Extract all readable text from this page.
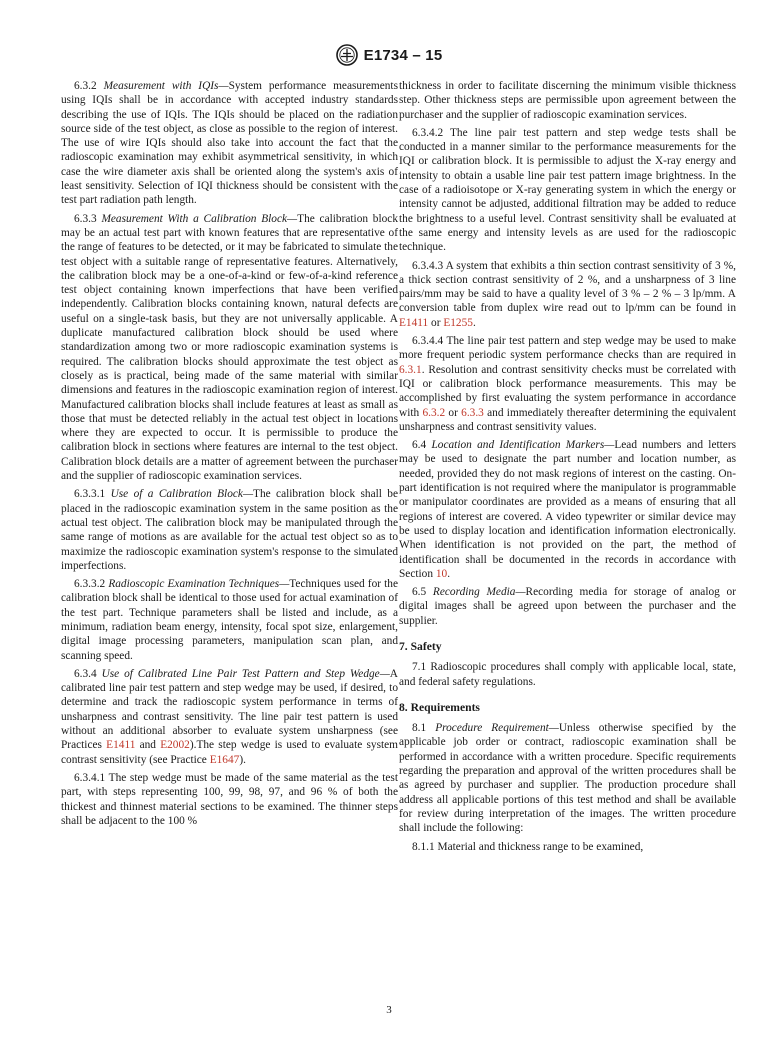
E1734 – 15

6.3.2 Measurement with IQIs—System performance measurements using IQIs shall be in accordance with accepted industry standards describing the use of IQIs. The IQIs should be placed on the radiation source side of the test object, as close as possible to the region of interest. The use of wire IQIs should also take into account the fact that the radioscopic examination may exhibit asymmetrical sensitivity, in which case the wire diameter axis shall be oriented along the system's axis of least sensitivity. Selection of IQI thickness should be consistent with the test part radiation path length.

6.3.3 Measurement With a Calibration Block—The calibration block may be an actual test part with known features that are representative of the range of features to be detected, or it may be fabricated to simulate the test object with a suitable range of representative features. Alternatively, the calibration block may be a one-of-a-kind or few-of-a-kind reference test object containing known imperfections that have been verified independently. Calibration blocks containing known, natural defects are useful on a single-task basis, but they are not universally applicable. A duplicate manufactured calibration block should be used where standardization among two or more radioscopic examination systems is required. The calibration blocks should approximate the test object as closely as is practical, being made of the same material with similar dimensions and features in the radioscopic examination region of interest. Manufactured calibration blocks shall include features at least as small as those that must be detected reliably in the actual test object in locations where they are expected to occur. It is permissible to produce the calibration block in sections where features are internal to the test object. Calibration block details are a matter of agreement between the purchaser and the supplier of radioscopic examination services.

6.3.3.1 Use of a Calibration Block—The calibration block shall be placed in the radioscopic examination system in the same position as the actual test object. The calibration block may be manipulated through the same range of motions as are available for the actual test object so as to maximize the radioscopic examination system's response to the simulated imperfections.

6.3.3.2 Radioscopic Examination Techniques—Techniques used for the calibration block shall be identical to those used for actual examination of the test part. Technique parameters shall be listed and include, as a minimum, radiation beam energy, intensity, focal spot size, enlargement, digital image processing parameters, manipulation scan plan, and scanning speed.

6.3.4 Use of Calibrated Line Pair Test Pattern and Step Wedge—A calibrated line pair test pattern and step wedge may be used, if desired, to determine and track the radioscopic system performance in terms of unsharpness and contrast sensitivity. The line pair test pattern is used without an additional absorber to evaluate system unsharpness (see Practices E1411 and E2002).The step wedge is used to evaluate system contrast sensitivity (see Practice E1647).

6.3.4.1 The step wedge must be made of the same material as the test part, with steps representing 100, 99, 98, 97, and 96 % of both the thickest and thinnest material sections to be examined. The thinner steps shall be adjacent to the 100 %

thickness in order to facilitate discerning the minimum visible thickness step. Other thickness steps are permissible upon agreement between the purchaser and the supplier of radioscopic examination services.

6.3.4.2 The line pair test pattern and step wedge tests shall be conducted in a manner similar to the performance measurements for the IQI or calibration block. It is permissible to adjust the X-ray energy and intensity to obtain a usable line pair test pattern image brightness. In the case of a radioisotope or X-ray generating system in which the energy or intensity cannot be adjusted, additional filtration may be added to reduce the brightness to a useful level. Contrast sensitivity shall be evaluated at the same energy and intensity levels as are used for the radioscopic technique.

6.3.4.3 A system that exhibits a thin section contrast sensitivity of 3 %, a thick section contrast sensitivity of 2 %, and a unsharpness of 3 line pairs/mm may be said to have a quality level of 3 % – 2 % – 3 lp/mm. A conversion table from duplex wire read out to lp/mm can be found in E1411 or E1255.

6.3.4.4 The line pair test pattern and step wedge may be used to make more frequent periodic system performance checks than are required in 6.3.1. Resolution and contrast sensitivity checks must be correlated with IQI or calibration block performance measurements. This may be accomplished by first evaluating the system performance in accordance with 6.3.2 or 6.3.3 and immediately thereafter determining the equivalent unsharpness and contrast sensitivity values.

6.4 Location and Identification Markers—Lead numbers and letters may be used to designate the part number and location number, as needed, provided they do not mask regions of interest on the casting. On-part identification is not required where the manipulator is programmable or manipulator coordinates are provided as a means of ensuring that all regions of interest are covered. A video typewriter or similar device may be used to display location and identification information electronically. When identification is not provided on the part, the method of identification shall be documented in the records in accordance with Section 10.

6.5 Recording Media—Recording media for storage of analog or digital images shall be agreed upon between the purchaser and the supplier.

7. Safety

7.1 Radioscopic procedures shall comply with applicable local, state, and federal safety regulations.

8. Requirements

8.1 Procedure Requirement—Unless otherwise specified by the applicable job order or contract, radioscopic examination shall be performed in accordance with a written procedure. Specific requirements regarding the preparation and approval of the written procedures shall be as agreed by purchaser and supplier. The production procedure shall address all applicable portions of this test method and shall be available for review during interpretation of the images. The written procedure shall include the following:

8.1.1 Material and thickness range to be examined,

3
